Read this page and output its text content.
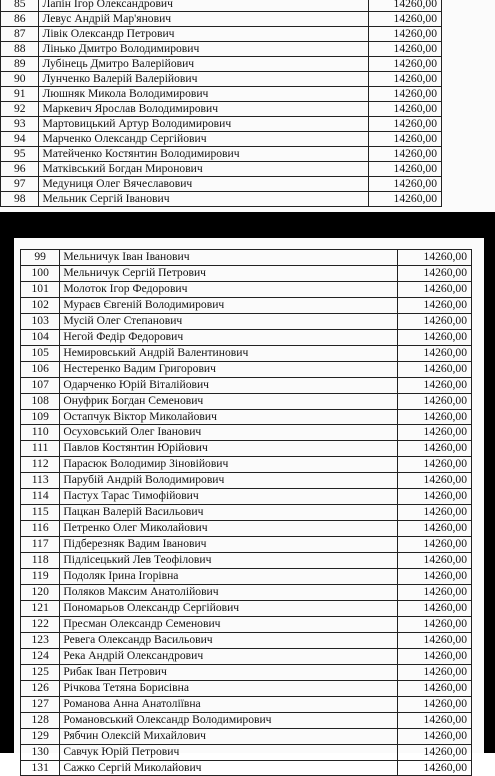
85	Лапін Ігор Олександрович	14260,00
86	Левус Андрій Мар'янович	14260,00
87	Лівік Олександр Петрович	14260,00
88	Лінько Дмитро Володимирович	14260,00
89	Лубінець Дмитро Валерійович	14260,00
90	Лунченко Валерій Валерійович	14260,00
91	Люшняк Микола Володимирович	14260,00
92	Маркевич Ярослав Володимирович	14260,00
93	Мартовицький Артур Володимирович	14260,00
94	Марченко Олександр Сергійович	14260,00
95	Матейченко Костянтин Володимирович	14260,00
96	Матківський Богдан Миронович	14260,00
97	Медуниця Олег Вячеславович	14260,00
98	Мельник Сергій Іванович	14260,00
99	Мельничук Іван Іванович	14260,00
100	Мельничук Сергій Петрович	14260,00
101	Молоток Ігор Федорович	14260,00
102	Мураєв Євгеній Володимирович	14260,00
103	Мусій Олег Степанович	14260,00
104	Негой Федір Федорович	14260,00
105	Немировський Андрій Валентинович	14260,00
106	Нестеренко Вадим Григорович	14260,00
107	Одарченко Юрій Віталійович	14260,00
108	Онуфрик Богдан Семенович	14260,00
109	Остапчук Віктор Миколайович	14260,00
110	Осуховський Олег Іванович	14260,00
111	Павлов Костянтин Юрійович	14260,00
112	Парасюк Володимир Зіновійович	14260,00
113	Парубій Андрій Володимирович	14260,00
114	Пастух Тарас Тимофійович	14260,00
115	Пацкан Валерій Васильович	14260,00
116	Петренко Олег Миколайович	14260,00
117	Підберезняк Вадим Іванович	14260,00
118	Підлісецький Лев Теофілович	14260,00
119	Подоляк Ірина Ігорівна	14260,00
120	Поляков Максим Анатолійович	14260,00
121	Пономарьов Олександр Сергійович	14260,00
122	Пресман Олександр Семенович	14260,00
123	Ревега Олександр Васильович	14260,00
124	Река Андрій Олександрович	14260,00
125	Рибак Іван Петрович	14260,00
126	Річкова Тетяна Борисівна	14260,00
127	Романова Анна Анатоліївна	14260,00
128	Романовський Олександр Володимирович	14260,00
129	Рябчин Олексій Михайлович	14260,00
130	Савчук Юрій Петрович	14260,00
131	Сажко Сергій Миколайович	14260,00
